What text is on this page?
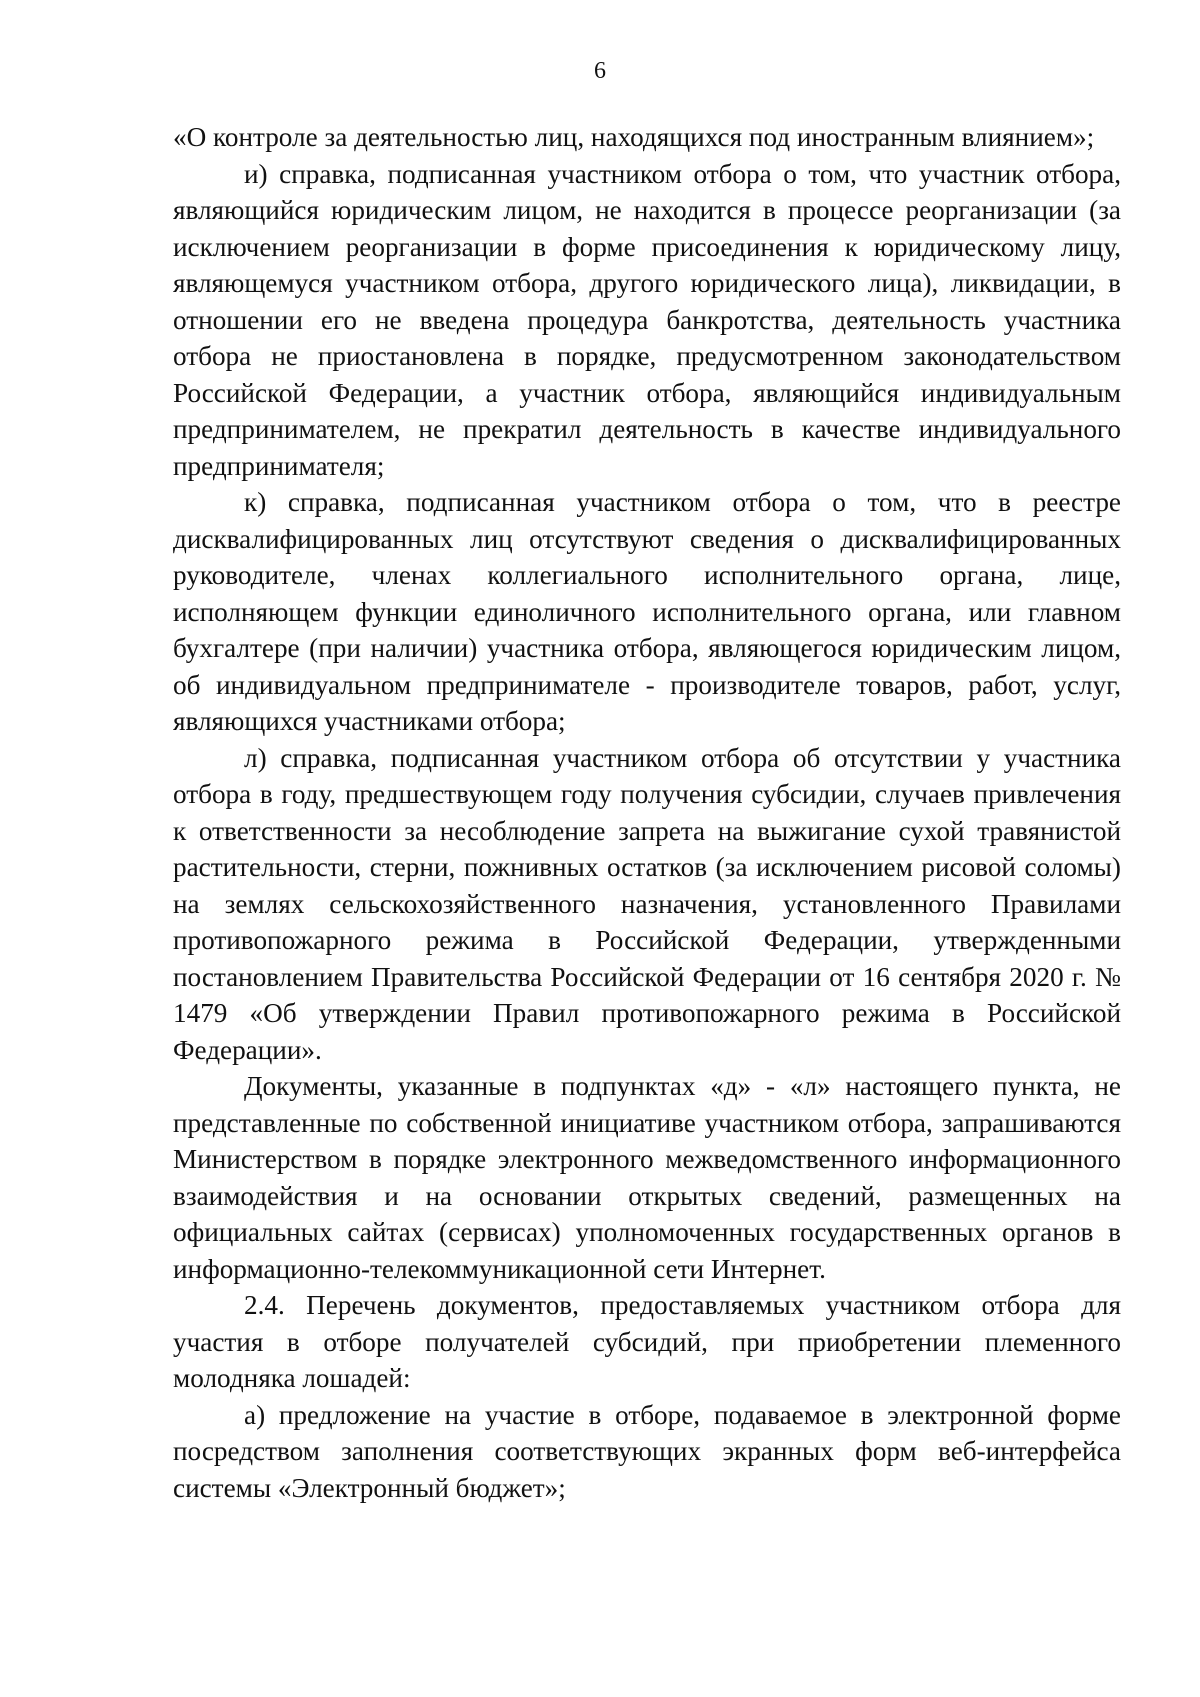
6

«О контроле за деятельностью лиц, находящихся под иностранным влиянием»;

и) справка, подписанная участником отбора о том, что участник отбора, являющийся юридическим лицом, не находится в процессе реорганизации (за исключением реорганизации в форме присоединения к юридическому лицу, являющемуся участником отбора, другого юридического лица), ликвидации, в отношении его не введена процедура банкротства, деятельность участника отбора не приостановлена в порядке, предусмотренном законодательством Российской Федерации, а участник отбора, являющийся индивидуальным предпринимателем, не прекратил деятельность в качестве индивидуального предпринимателя;

к) справка, подписанная участником отбора о том, что в реестре дисквалифицированных лиц отсутствуют сведения о дисквалифицированных руководителе, членах коллегиального исполнительного органа, лице, исполняющем функции единоличного исполнительного органа, или главном бухгалтере (при наличии) участника отбора, являющегося юридическим лицом, об индивидуальном предпринимателе - производителе товаров, работ, услуг, являющихся участниками отбора;

л) справка, подписанная участником отбора об отсутствии у участника отбора в году, предшествующем году получения субсидии, случаев привлечения к ответственности за несоблюдение запрета на выжигание сухой травянистой растительности, стерни, пожнивных остатков (за исключением рисовой соломы) на землях сельскохозяйственного назначения, установленного Правилами противопожарного режима в Российской Федерации, утвержденными постановлением Правительства Российской Федерации от 16 сентября 2020 г. № 1479 «Об утверждении Правил противопожарного режима в Российской Федерации».

Документы, указанные в подпунктах «д» - «л» настоящего пункта, не представленные по собственной инициативе участником отбора, запрашиваются Министерством в порядке электронного межведомственного информационного взаимодействия и на основании открытых сведений, размещенных на официальных сайтах (сервисах) уполномоченных государственных органов в информационно-телекоммуникационной сети Интернет.

2.4. Перечень документов, предоставляемых участником отбора для участия в отборе получателей субсидий, при приобретении племенного молодняка лошадей:

а) предложение на участие в отборе, подаваемое в электронной форме посредством заполнения соответствующих экранных форм веб-интерфейса системы «Электронный бюджет»;
